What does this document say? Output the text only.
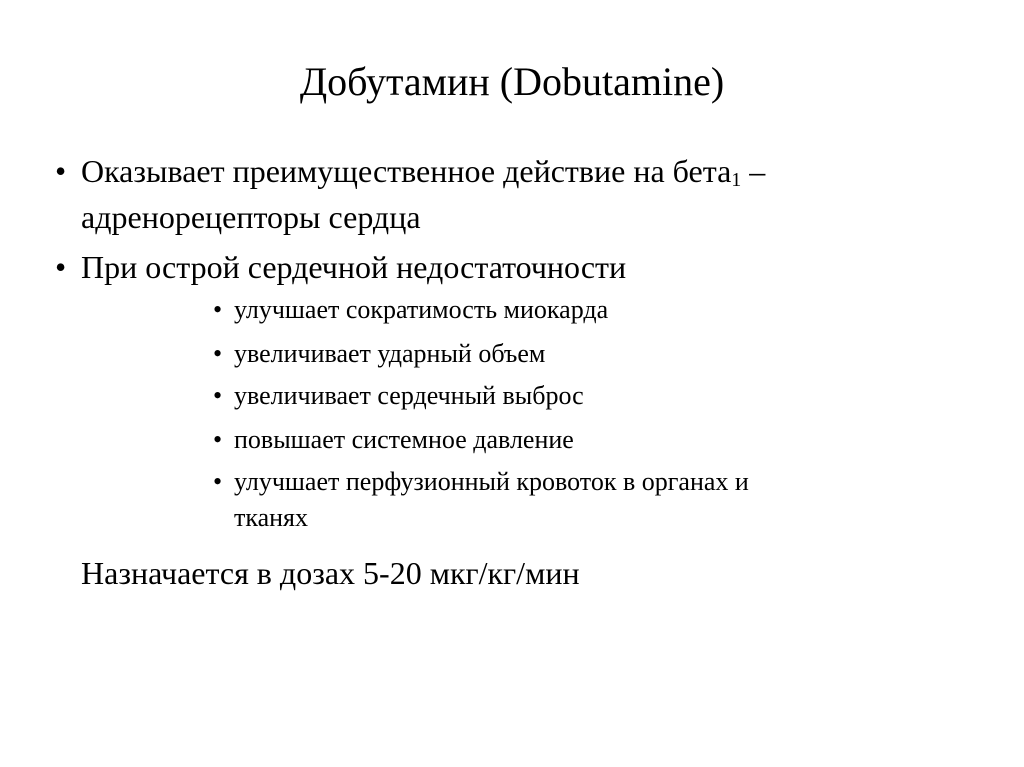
Добутамин (Dobutamine)
• Оказывает преимущественное действие на бета$_1$ –
адренорецепторы сердца
• При острой сердечной недостаточности
• улучшает сократимость миокарда
• увеличивает ударный объем
• увеличивает сердечный выброс
• повышает системное давление
• улучшает перфузионный кровоток в органах и
тканях
Назначается в дозах 5-20 мкг/кг/мин
